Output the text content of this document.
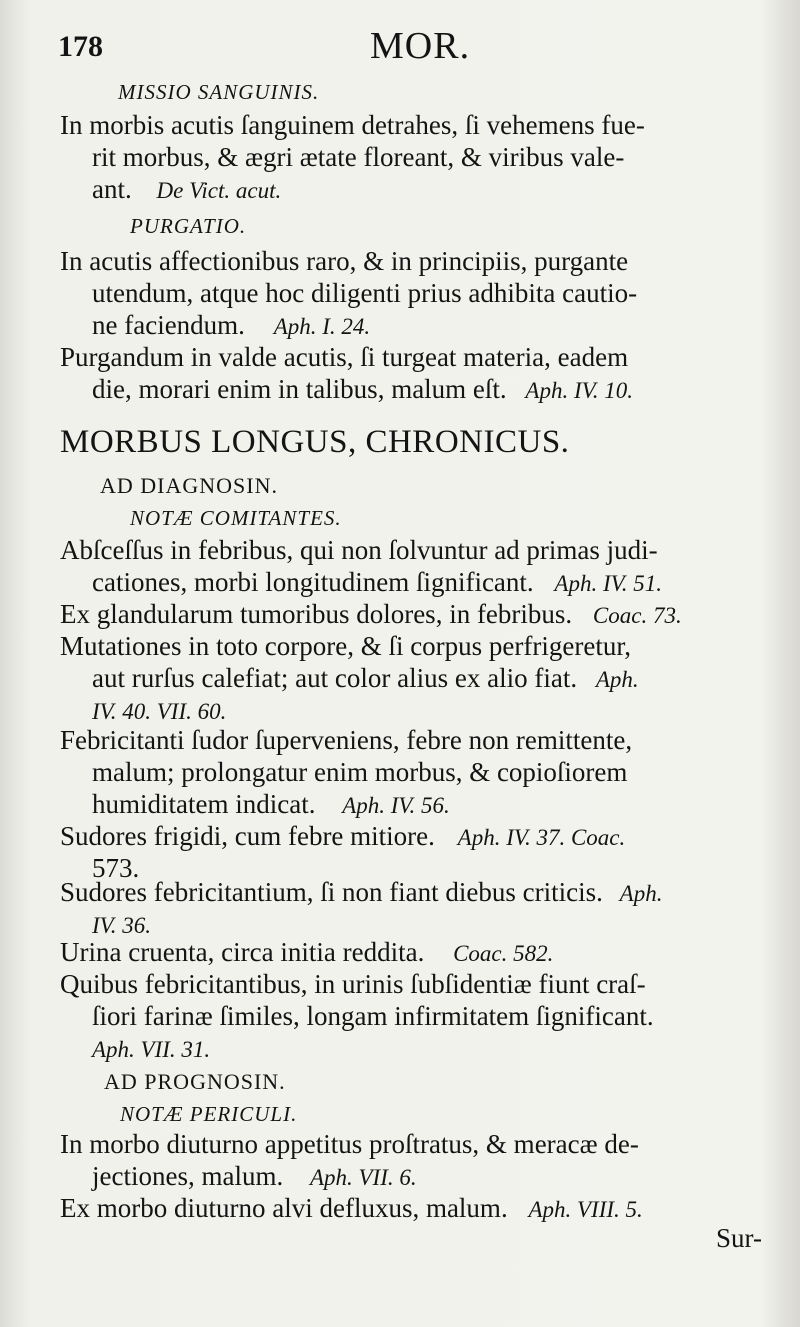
178	MOR.
MISSIO SANGUINIS.
In morbis acutis ſanguinem detrahes, ſi vehemens fue-
rit morbus, & ægri ætate floreant, & viribus vale-
ant. De Vict. acut.
PURGATIO.
In acutis affectionibus raro, & in principiis, purgante
utendum, atque hoc diligenti prius adhibita cautio-
ne faciendum. Aph. I. 24.
Purgandum in valde acutis, ſi turgeat materia, eadem
die, morari enim in talibus, malum eſt. Aph. IV. 10.
MORBUS LONGUS, CHRONICUS.
AD DIAGNOSIN.
NOTÆ COMITANTES.
Abſceſſus in febribus, qui non ſolvuntur ad primas judi-
cationes, morbi longitudinem ſignificant. Aph. IV. 51.
Ex glandularum tumoribus dolores, in febribus. Coac. 73.
Mutationes in toto corpore, & ſi corpus perfrigeretur,
aut rurſus calefiat; aut color alius ex alio fiat. Aph.
IV. 40. VII. 60.
Febricitanti ſudor ſuperveniens, febre non remittente,
malum; prolongatur enim morbus, & copioſiorem
humiditatem indicat. Aph. IV. 56.
Sudores frigidi, cum febre mitiore. Aph. IV. 37. Coac.
573.
Sudores febricitantium, ſi non fiant diebus criticis. Aph.
IV. 36.
Urina cruenta, circa initia reddita. Coac. 582.
Quibus febricitantibus, in urinis ſubſidentiæ fiunt craſ-
ſiori farinæ ſimiles, longam infirmitatem ſignificant.
Aph. VII. 31.
AD PROGNOSIN.
NOTÆ PERICULI.
In morbo diuturno appetitus proſtratus, & meracæ de-
jectiones, malum. Aph. VII. 6.
Ex morbo diuturno alvi defluxus, malum. Aph. VIII. 5.
Sur-
